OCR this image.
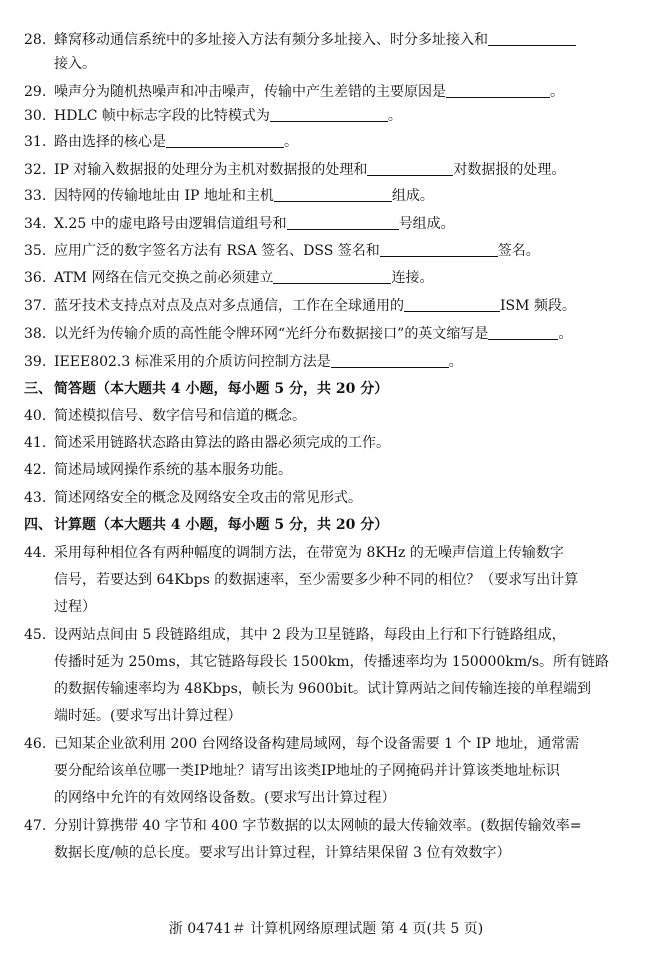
28. 蜂窝移动通信系统中的多址接入方法有频分多址接入、时分多址接入和
接入。
29. 噪声分为随机热噪声和冲击噪声，传输中产生差错的主要原因是	。
30. HDLC 帧中标志字段的比特模式为	。
31. 路由选择的核心是	。
32. IP 对输入数据报的处理分为主机对数据报的处理和	对数据报的处理。
33. 因特网的传输地址由 IP 地址和主机	组成。
34. X.25 中的虚电路号由逻辑信道组号和	号组成。
35. 应用广泛的数字签名方法有 RSA 签名、DSS 签名和	签名。
36. ATM 网络在信元交换之前必须建立	连接。
37. 蓝牙技术支持点对点及点对多点通信，工作在全球通用的	ISM 频段。
38. 以光纤为传输介质的高性能令牌环网“光纤分布数据接口”的英文缩写是	。
39. IEEE802.3 标准采用的介质访问控制方法是	。
三、 简答题（本大题共 4 小题，每小题 5 分，共 20 分）
40. 简述模拟信号、数字信号和信道的概念。
41. 简述采用链路状态路由算法的路由器必须完成的工作。
42. 简述局域网操作系统的基本服务功能。
43. 简述网络安全的概念及网络安全攻击的常见形式。
四、 计算题（本大题共 4 小题，每小题 5 分，共 20 分）
44. 采用每种相位各有两种幅度的调制方法，在带宽为 8KHz 的无噪声信道上传输数字
信号，若要达到 64Kbps 的数据速率，至少需要多少种不同的相位？（要求写出计算
过程）
45. 设两站点间由 5 段链路组成，其中 2 段为卫星链路，每段由上行和下行链路组成，
传播时延为 250ms，其它链路每段长 1500km，传播速率均为 150000km/s。所有链路
的数据传输速率均为 48Kbps，帧长为 9600bit。试计算两站之间传输连接的单程端到
端时延。(要求写出计算过程）
46. 已知某企业欲利用 200 台网络设备构建局域网，每个设备需要 1 个 IP 地址，通常需
要分配给该单位哪一类IP地址？请写出该类IP地址的子网掩码并计算该类地址标识
的网络中允许的有效网络设备数。(要求写出计算过程）
47. 分别计算携带 40 字节和 400 字节数据的以太网帧的最大传输效率。(数据传输效率=
数据长度/帧的总长度。要求写出计算过程，计算结果保留 3 位有效数字）
浙 04741＃ 计算机网络原理试题 第 4 页(共 5 页)
